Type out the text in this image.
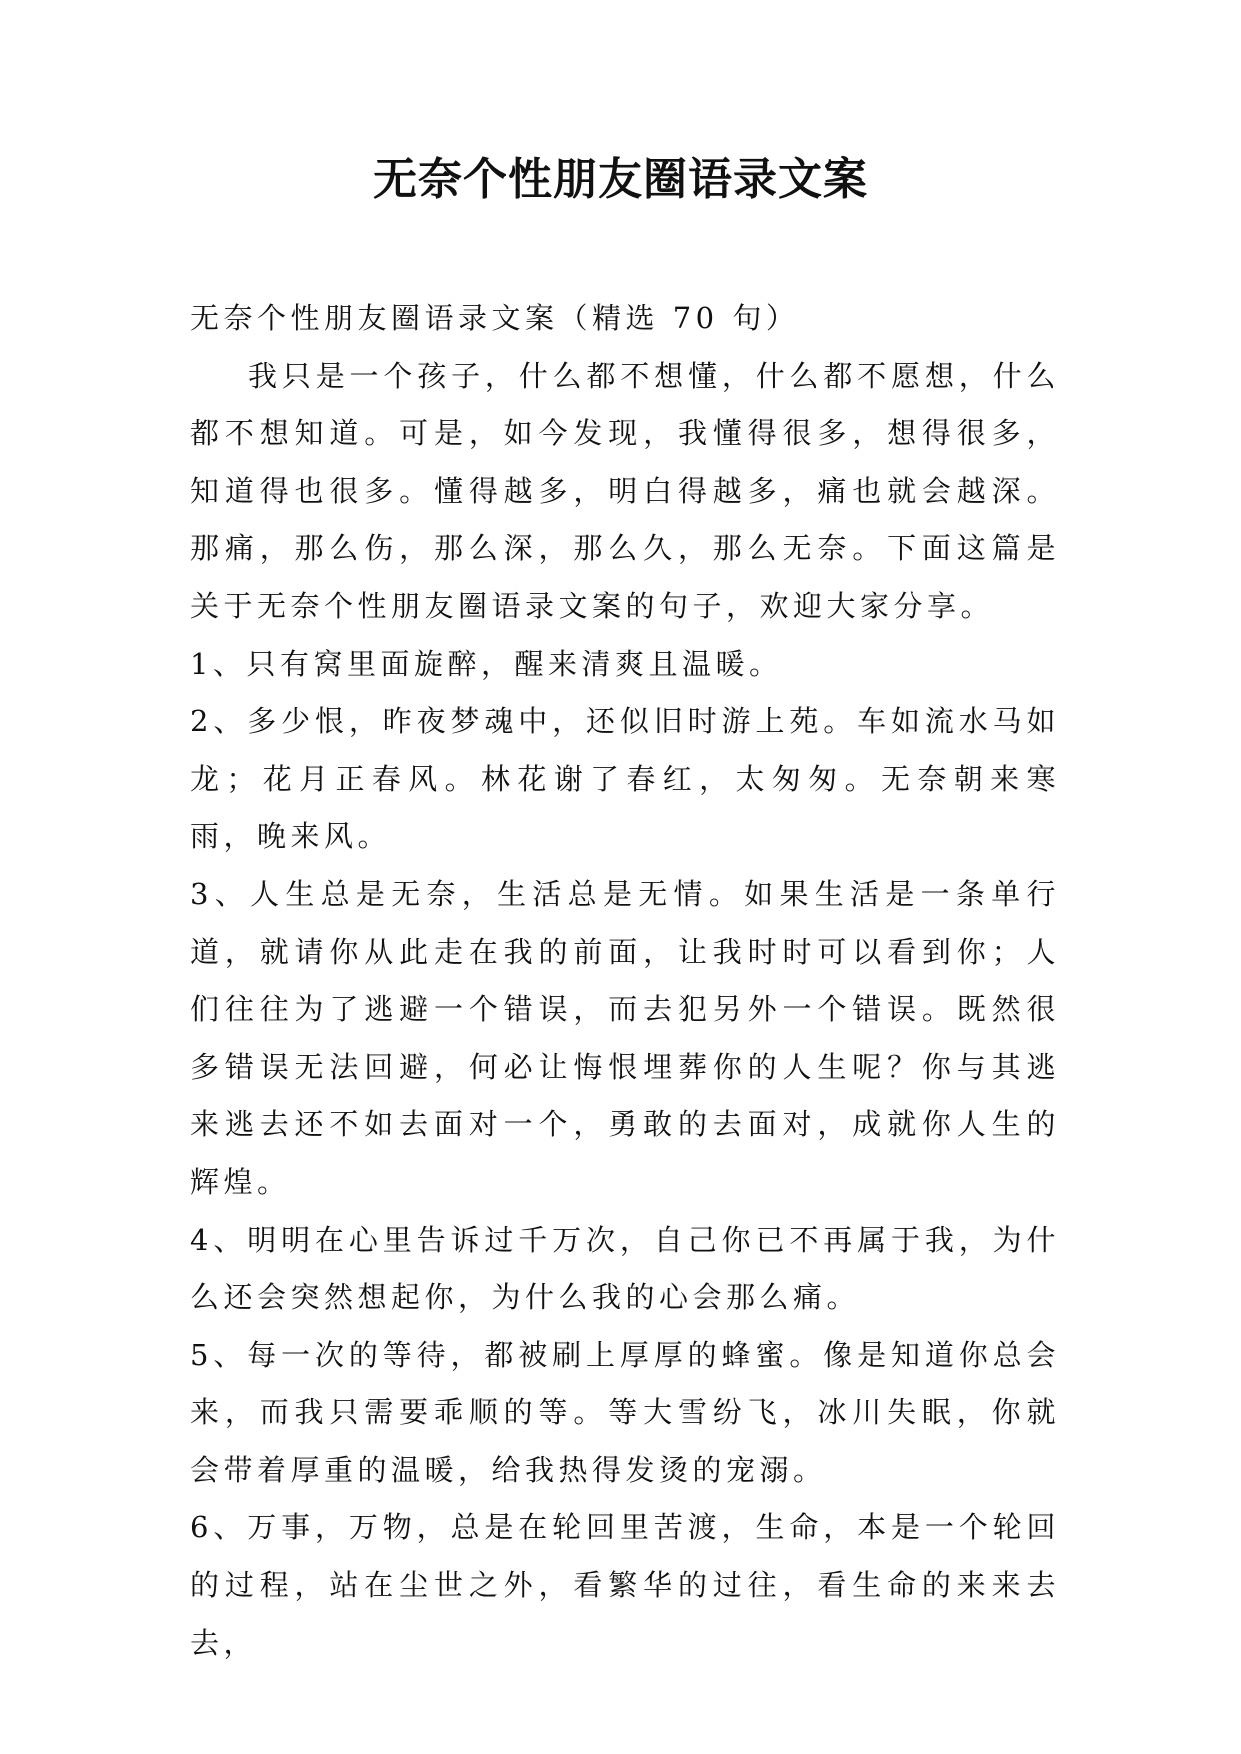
无奈个性朋友圈语录文案

无奈个性朋友圈语录文案（精选 70 句）

我只是一个孩子，什么都不想懂，什么都不愿想，什么都不想知道。可是，如今发现，我懂得很多，想得很多，知道得也很多。懂得越多，明白得越多，痛也就会越深。那痛，那么伤，那么深，那么久，那么无奈。下面这篇是关于无奈个性朋友圈语录文案的句子，欢迎大家分享。

1、只有窝里面旋醉，醒来清爽且温暖。

2、多少恨，昨夜梦魂中，还似旧时游上苑。车如流水马如龙；花月正春风。林花谢了春红，太匆匆。无奈朝来寒雨，晚来风。

3、人生总是无奈，生活总是无情。如果生活是一条单行道，就请你从此走在我的前面，让我时时可以看到你；人们往往为了逃避一个错误，而去犯另外一个错误。既然很多错误无法回避，何必让悔恨埋葬你的人生呢？你与其逃来逃去还不如去面对一个，勇敢的去面对，成就你人生的辉煌。

4、明明在心里告诉过千万次，自己你已不再属于我，为什么还会突然想起你，为什么我的心会那么痛。

5、每一次的等待，都被刷上厚厚的蜂蜜。像是知道你总会来，而我只需要乖顺的等。等大雪纷飞，冰川失眠，你就会带着厚重的温暖，给我热得发烫的宠溺。

6、万事，万物，总是在轮回里苦渡，生命，本是一个轮回的过程，站在尘世之外，看繁华的过往，看生命的来来去去，
